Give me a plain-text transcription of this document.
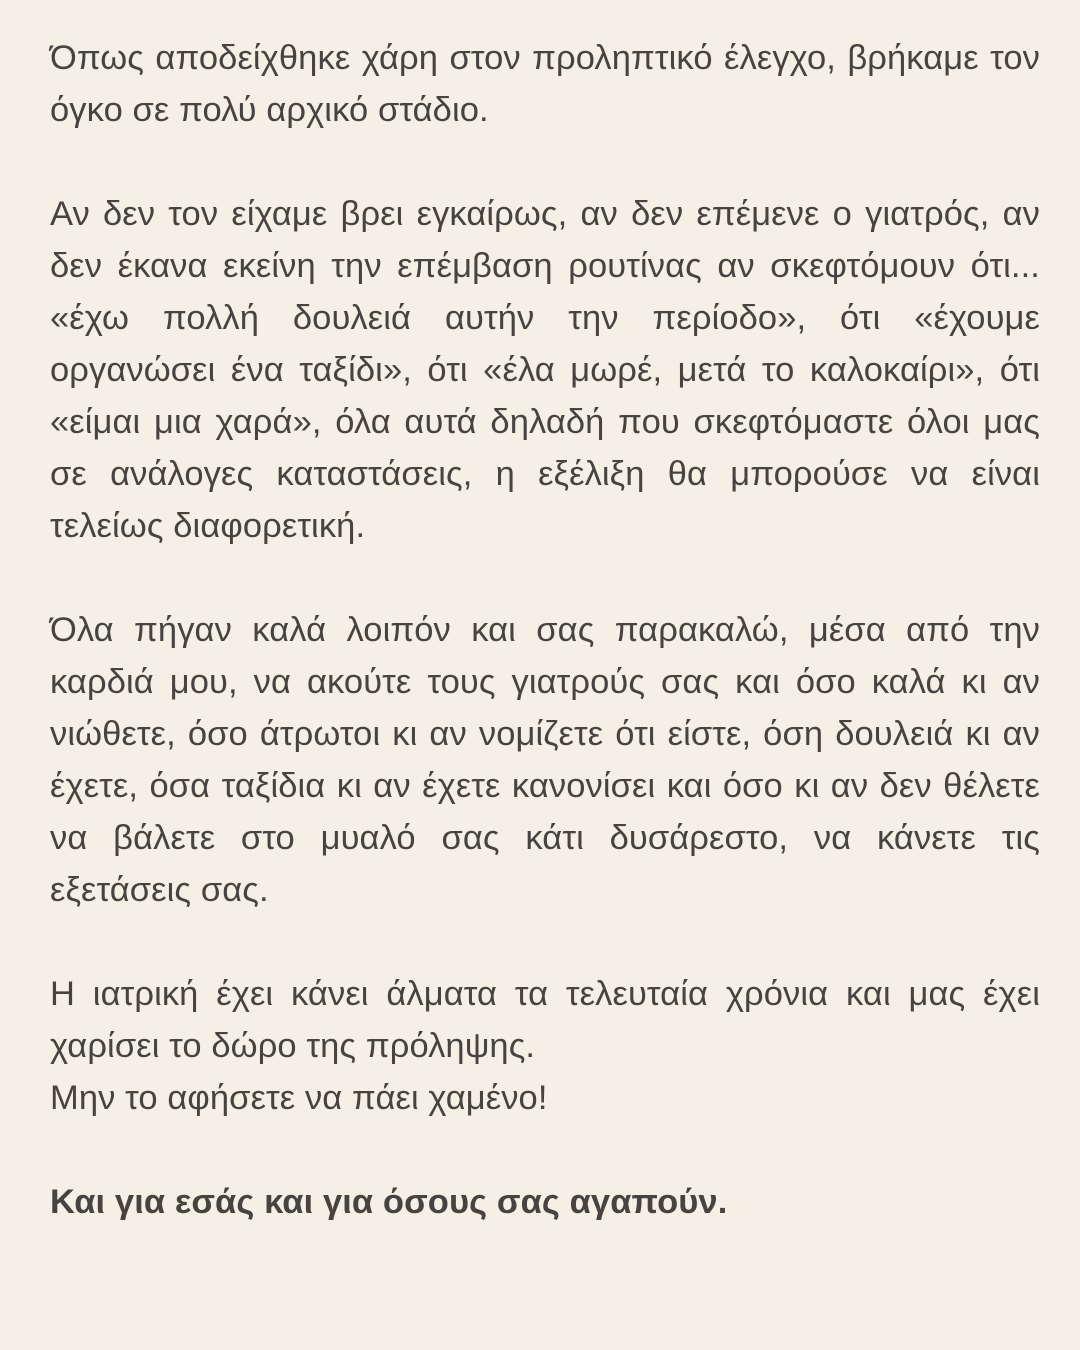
Όπως αποδείχθηκε χάρη στον προληπτικό έλεγχο, βρήκαμε τον όγκο σε πολύ αρχικό στάδιο.

Αν δεν τον είχαμε βρει εγκαίρως, αν δεν επέμενε ο γιατρός, αν δεν έκανα εκείνη την επέμβαση ρουτίνας αν σκεφτόμουν ότι... «έχω πολλή δουλειά αυτήν την περίοδο», ότι «έχουμε οργανώσει ένα ταξίδι», ότι «έλα μωρέ, μετά το καλοκαίρι», ότι «είμαι μια χαρά», όλα αυτά δηλαδή που σκεφτόμαστε όλοι μας σε ανάλογες καταστάσεις, η εξέλιξη θα μπορούσε να είναι τελείως διαφορετική.

Όλα πήγαν καλά λοιπόν και σας παρακαλώ, μέσα από την καρδιά μου, να ακούτε τους γιατρούς σας και όσο καλά κι αν νιώθετε, όσο άτρωτοι κι αν νομίζετε ότι είστε, όση δουλειά κι αν έχετε, όσα ταξίδια κι αν έχετε κανονίσει και όσο κι αν δεν θέλετε να βάλετε στο μυαλό σας κάτι δυσάρεστο, να κάνετε τις εξετάσεις σας.

Η ιατρική έχει κάνει άλματα τα τελευταία χρόνια και μας έχει χαρίσει το δώρο της πρόληψης.
Μην το αφήσετε να πάει χαμένο!

Και για εσάς και για όσους σας αγαπούν.
